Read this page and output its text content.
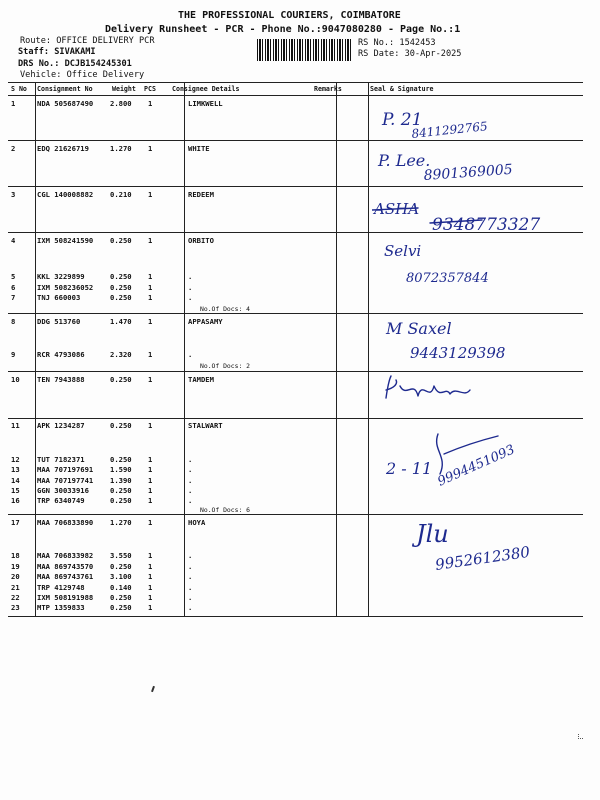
THE PROFESSIONAL COURIERS, COIMBATORE
Delivery Runsheet - PCR - Phone No.:9047080280 - Page No.:1
Route: OFFICE DELIVERY PCR
Staff: SIVAKAMI
DRS No.: DCJB154245301
Vehicle: Office Delivery
RS No.: 1542453
RS Date: 30-Apr-2025
S No Consignment No	Weight PCS Consignee Details	Remarks	Seal & Signature
1	NDA 505687490 2.800 1	LIMKWELL
2	EDQ 21626719	1.270 1	WHITE
3	CGL 140008882 0.210 1	REDEEM
4	IXM 508241590 0.250 1	ORBITO
5	KKL 3229899	0.250 1	.
6	IXM 508236052 0.250 1	.
7	TNJ 660003	0.250 1	.
8	DDG 513760	1.470 1	APPASAMY
9	RCR 4793086	2.320 1	.
10 TEN 7943888	0.250 1	TAMDEM
11 APK 1234287	0.250 1	STALWART
12 TUT 7182371	0.250 1	.
13 MAA 707197691 1.590 1	.
14 MAA 707197741 1.390 1	.
15 GGN 30033916	0.250 1	.
16 TRP 6340749	0.250 1	.
17 MAA 706833890 1.270 1	HOYA
18 MAA 706833982 3.550 1	.
19 MAA 869743570 0.250 1	.
20 MAA 869743761 3.100 1	.
21 TRP 4129748	0.140 1	.
22 IXM 508191988 0.250 1	.
23 MTP 1359833	0.250 1	.
No.Of Docs: 4
No.Of Docs: 2
No.Of Docs: 6
P. 21
8411292765
P. Lee.
8901369005
ASHA
9348773327
Selvi
8072357844
M Saxel
9443129398
2 - 11 9994451093
Jlu
9952612380
